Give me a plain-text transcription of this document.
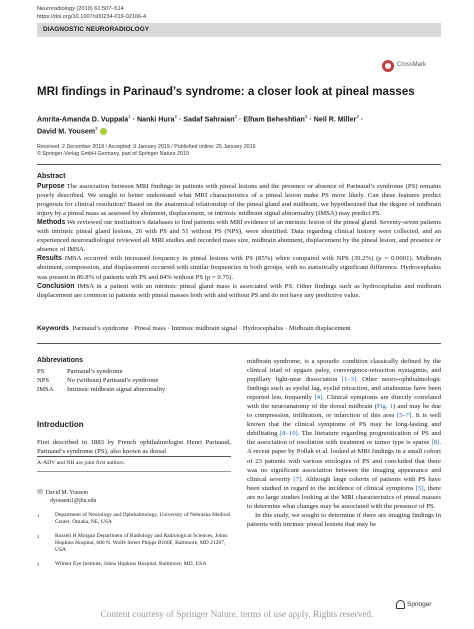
Neuroradiology (2019) 61:507–514
https://doi.org/10.1007/s00234-019-02166-4
DIAGNOSTIC NEURORADIOLOGY
CrossMark
MRI findings in Parinaud’s syndrome: a closer look at pineal masses
Amrita-Amanda D. Vuppala$^1$ · Nanki Hura$^2$ · Sadaf Sahraian$^2$ · Elham Beheshtian$^2$ · Neil R. Miller$^3$ ·
David M. Yousem$^2$
Received: 2 December 2018 / Accepted: 9 January 2019 / Published online: 25 January 2019
© Springer-Verlag GmbH Germany, part of Springer Nature 2019
Abstract

Purpose The association between MRI findings in patients with pineal lesions and the presence or absence of Parinaud’s syndrome (PS) remains poorly described. We sought to better understand what MRI characteristics of a pineal lesion make PS more likely. Can these features predict prognosis for clinical resolution? Based on the anatomical relationship of the pineal gland and midbrain, we hypothesized that the degree of midbrain injury by a pineal mass as assessed by abutment, displacement, or intrinsic midbrain signal abnormality (IMSA) may predict PS.

Methods We reviewed our institution’s databases to find patients with MRI evidence of an intrinsic lesion of the pineal gland. Seventy-seven patients with intrinsic pineal gland lesions, 26 with PS and 51 without PS (NPS), were identified. Data regarding clinical history were collected, and an experienced neuroradiologist reviewed all MRI studies and recorded mass size, midbrain abutment, displacement by the pineal lesion, and presence or absence of IMSA.

Results IMSA occurred with increased frequency in pineal lesions with PS (85%) when compared with NPS (39.2%) (p = 0.0001). Midbrain abutment, compression, and displacement occurred with similar frequencies in both groups, with no statistically significant difference. Hydrocephalus was present in 80.8% of patients with PS and 84% without PS (p = 0.75).

Conclusion IMSA in a patient with an intrinsic pineal gland mass is associated with PS. Other findings such as hydrocephalus and midbrain displacement are common in patients with pineal masses both with and without PS and do not have any predictive value.

Keywords Parinaud’s syndrome · Pineal mass · Intrinsic midbrain signal · Hydrocephalus · Midbrain displacement
Abbreviations
PS	Parinaud’s syndrome
NPS	No (without) Parinaud’s syndrome
IMSA	Intrinsic midbrain signal abnormality
Introduction
First described in 1883 by French ophthalmologist Henri Parinaud, Parinaud’s syndrome (PS), also known as dorsal
A-ADV and NH are joint first authors.
✉ David M. Yousem
dyousem1@jhu.edu
1	Department of Neurology and Ophthalmology, University of Nebraska Medical Center, Omaha, NE, USA
2	Russell H Morgan Department of Radiology and Radiological Sciences, Johns Hopkins Hospital, 600 N. Wolfe Street Phipps B100F, Baltimore, MD 21287, USA
3	Wilmer Eye Institute, Johns Hopkins Hospital, Baltimore, MD, USA

midbrain syndrome, is a sporadic condition classically defined by the clinical triad of upgaze palsy, convergence-retraction nystagmus, and pupillary light-near dissociation [1–3]. Other neuro-ophthalmologic findings such as eyelid lag, eyelid retraction, and strabismus have been reported less frequently [4]. Clinical symptoms are directly correlated with the neuroanatomy of the dorsal midbrain (Fig. 1) and may be due to compression, infiltration, or infarction of this area [5–7]. It is well known that the clinical symptoms of PS may be long-lasting and debilitating [8–10]. The literature regarding prognostication of PS and the association of resolution with treatment or tumor type is sparse [8]. A recent paper by Pollak et al. looked at MRI findings in a small cohort of 23 patients with various etiologies of PS and concluded that there was no significant association between the imaging appearance and clinical severity [7]. Although large cohorts of patients with PS have been studied in regard to the incidence of clinical symptoms [5], there are no large studies looking at the MRI characteristics of pineal masses to determine what changes may be associated with the presence of PS.

In this study, we sought to determine if there are imaging findings in patients with intrinsic pineal lesions that may be

Springer
Content courtesy of Springer Nature, terms of use apply. Rights reserved.
